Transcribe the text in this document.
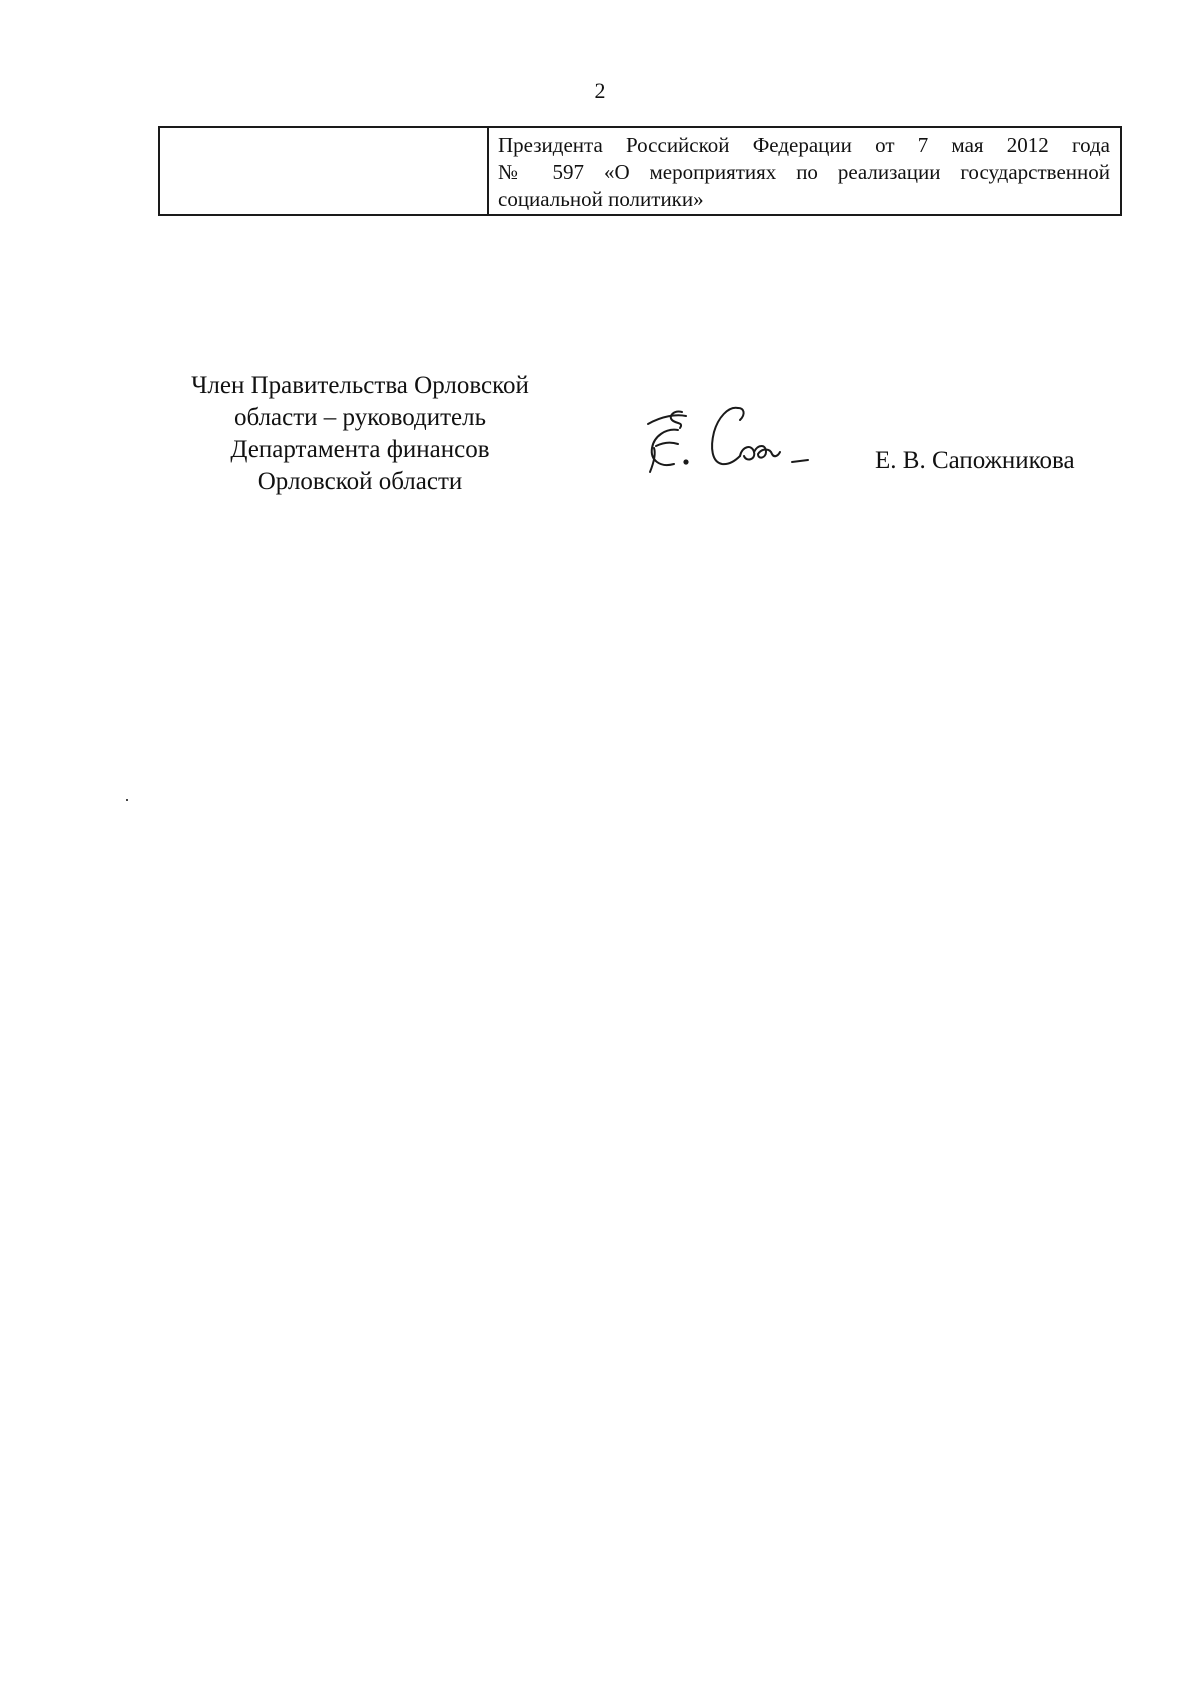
2
Президента Российской Федерации от 7 мая 2012 года
№ 597 «О мероприятиях по реализации государственной
социальной политики»
Член Правительства Орловской
области – руководитель
Департамента финансов
Орловской области
Е. В. Сапожникова
